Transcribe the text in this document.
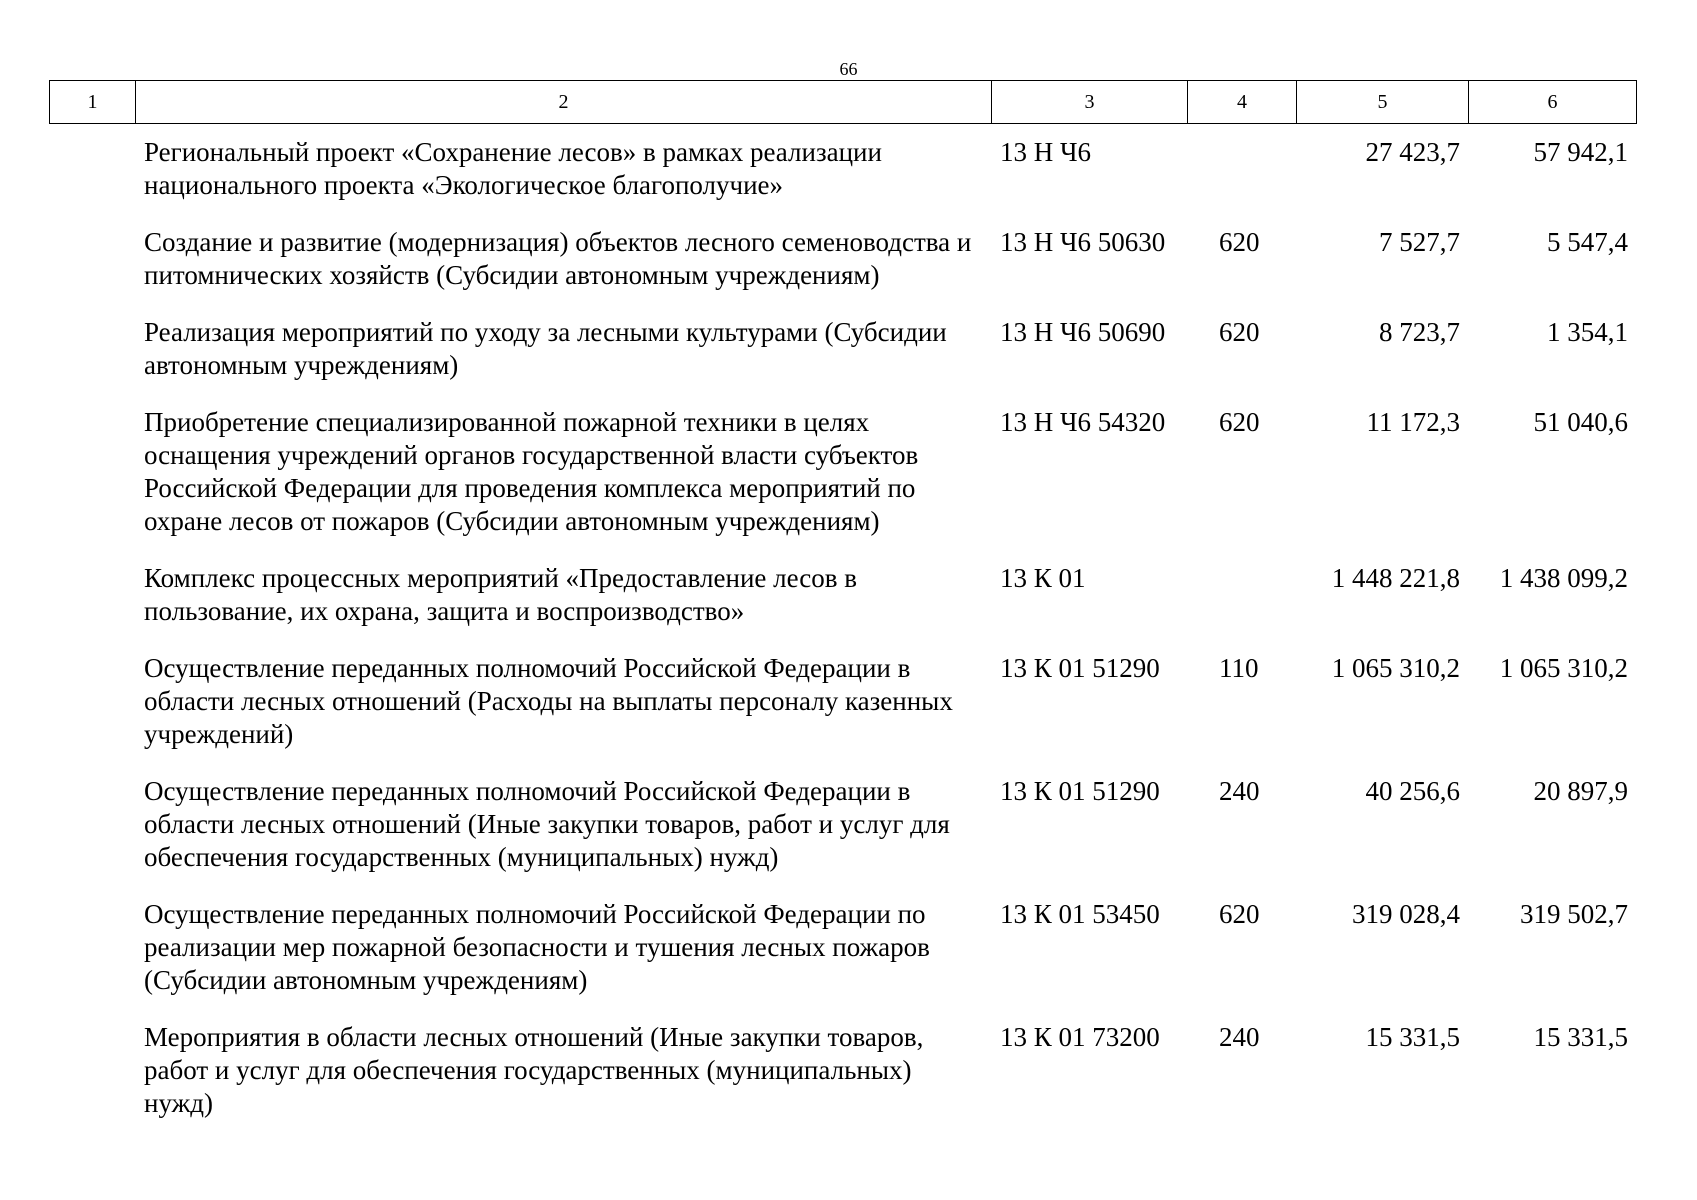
66
1	2	3	4	5	6
	Региональный проект «Сохранение лесов» в рамках реализации национального проекта «Экологическое благополучие»	13 Н Ч6		27 423,7	57 942,1
	Создание и развитие (модернизация) объектов лесного семеноводства и питомнических хозяйств (Субсидии автономным учреждениям)	13 Н Ч6 50630	620	7 527,7	5 547,4
	Реализация мероприятий по уходу за лесными культурами (Субсидии автономным учреждениям)	13 Н Ч6 50690	620	8 723,7	1 354,1
	Приобретение специализированной пожарной техники в целях оснащения учреждений органов государственной власти субъектов Российской Федерации для проведения комплекса мероприятий по охране лесов от пожаров (Субсидии автономным учреждениям)	13 Н Ч6 54320	620	11 172,3	51 040,6
	Комплекс процессных мероприятий «Предоставление лесов в пользование, их охрана, защита и воспроизводство»	13 К 01		1 448 221,8	1 438 099,2
	Осуществление переданных полномочий Российской Федерации в области лесных отношений (Расходы на выплаты персоналу казенных учреждений)	13 К 01 51290	110	1 065 310,2	1 065 310,2
	Осуществление переданных полномочий Российской Федерации в области лесных отношений (Иные закупки товаров, работ и услуг для обеспечения государственных (муниципальных) нужд)	13 К 01 51290	240	40 256,6	20 897,9
	Осуществление переданных полномочий Российской Федерации по реализации мер пожарной безопасности и тушения лесных пожаров (Субсидии автономным учреждениям)	13 К 01 53450	620	319 028,4	319 502,7
	Мероприятия в области лесных отношений (Иные закупки товаров, работ и услуг для обеспечения государственных (муниципальных) нужд)	13 К 01 73200	240	15 331,5	15 331,5
